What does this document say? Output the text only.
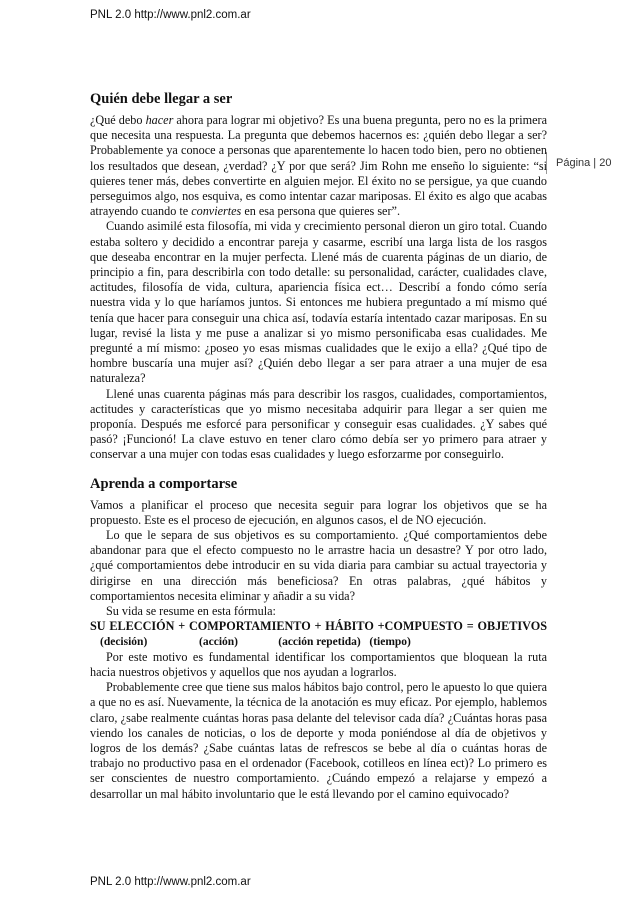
PNL 2.0 http://www.pnl2.com.ar
Página | 20
Quién debe llegar a ser

¿Qué debo hacer ahora para lograr mi objetivo? Es una buena pregunta, pero no es la primera que necesita una respuesta. La pregunta que debemos hacernos es: ¿quién debo llegar a ser? Probablemente ya conoce a personas que aparentemente lo hacen todo bien, pero no obtienen los resultados que desean, ¿verdad? ¿Y por que será? Jim Rohn me enseño lo siguiente: “si quieres tener más, debes convertirte en alguien mejor. El éxito no se persigue, ya que cuando perseguimos algo, nos esquiva, es como intentar cazar mariposas. El éxito es algo que acabas atrayendo cuando te conviertes en esa persona que quieres ser”.

Cuando asimilé esta filosofía, mi vida y crecimiento personal dieron un giro total. Cuando estaba soltero y decidido a encontrar pareja y casarme, escribí una larga lista de los rasgos que deseaba encontrar en la mujer perfecta. Llené más de cuarenta páginas de un diario, de principio a fin, para describirla con todo detalle: su personalidad, carácter, cualidades clave, actitudes, filosofía de vida, cultura, apariencia física ect… Describí a fondo cómo sería nuestra vida y lo que haríamos juntos. Si entonces me hubiera preguntado a mí mismo qué tenía que hacer para conseguir una chica así, todavía estaría intentado cazar mariposas. En su lugar, revisé la lista y me puse a analizar si yo mismo personificaba esas cualidades. Me pregunté a mí mismo: ¿poseo yo esas mismas cualidades que le exijo a ella? ¿Qué tipo de hombre buscaría una mujer así? ¿Quién debo llegar a ser para atraer a una mujer de esa naturaleza?

Llené unas cuarenta páginas más para describir los rasgos, cualidades, comportamientos, actitudes y características que yo mismo necesitaba adquirir para llegar a ser quien me proponía. Después me esforcé para personificar y conseguir esas cualidades. ¿Y sabes qué pasó? ¡Funcionó! La clave estuvo en tener claro cómo debía ser yo primero para atraer y conservar a una mujer con todas esas cualidades y luego esforzarme por conseguirlo.

Aprenda a comportarse

Vamos a planificar el proceso que necesita seguir para lograr los objetivos que se ha propuesto. Este es el proceso de ejecución, en algunos casos, el de NO ejecución.

Lo que le separa de sus objetivos es su comportamiento. ¿Qué comportamientos debe abandonar para que el efecto compuesto no le arrastre hacia un desastre? Y por otro lado, ¿qué comportamientos debe introducir en su vida diaria para cambiar su actual trayectoria y dirigirse en una dirección más beneficiosa? En otras palabras, ¿qué hábitos y comportamientos necesita eliminar y añadir a su vida?

Su vida se resume en esta fórmula:

SU ELECCIÓN + COMPORTAMIENTO + HÁBITO +COMPUESTO = OBJETIVOS

(decisión)                  (acción)              (acción repetida)   (tiempo)

Por este motivo es fundamental identificar los comportamientos que bloquean la ruta hacia nuestros objetivos y aquellos que nos ayudan a lograrlos.

Probablemente cree que tiene sus malos hábitos bajo control, pero le apuesto lo que quiera a que no es así. Nuevamente, la técnica de la anotación es muy eficaz. Por ejemplo, hablemos claro, ¿sabe realmente cuántas horas pasa delante del televisor cada día? ¿Cuántas horas pasa viendo los canales de noticias, o los de deporte y moda poniéndose al día de objetivos y logros de los demás? ¿Sabe cuántas latas de refrescos se bebe al día o cuántas horas de trabajo no productivo pasa en el ordenador (Facebook, cotilleos en línea ect)? Lo primero es ser conscientes de nuestro comportamiento. ¿Cuándo empezó a relajarse y empezó a desarrollar un mal hábito involuntario que le está llevando por el camino equivocado?

PNL 2.0 http://www.pnl2.com.ar
